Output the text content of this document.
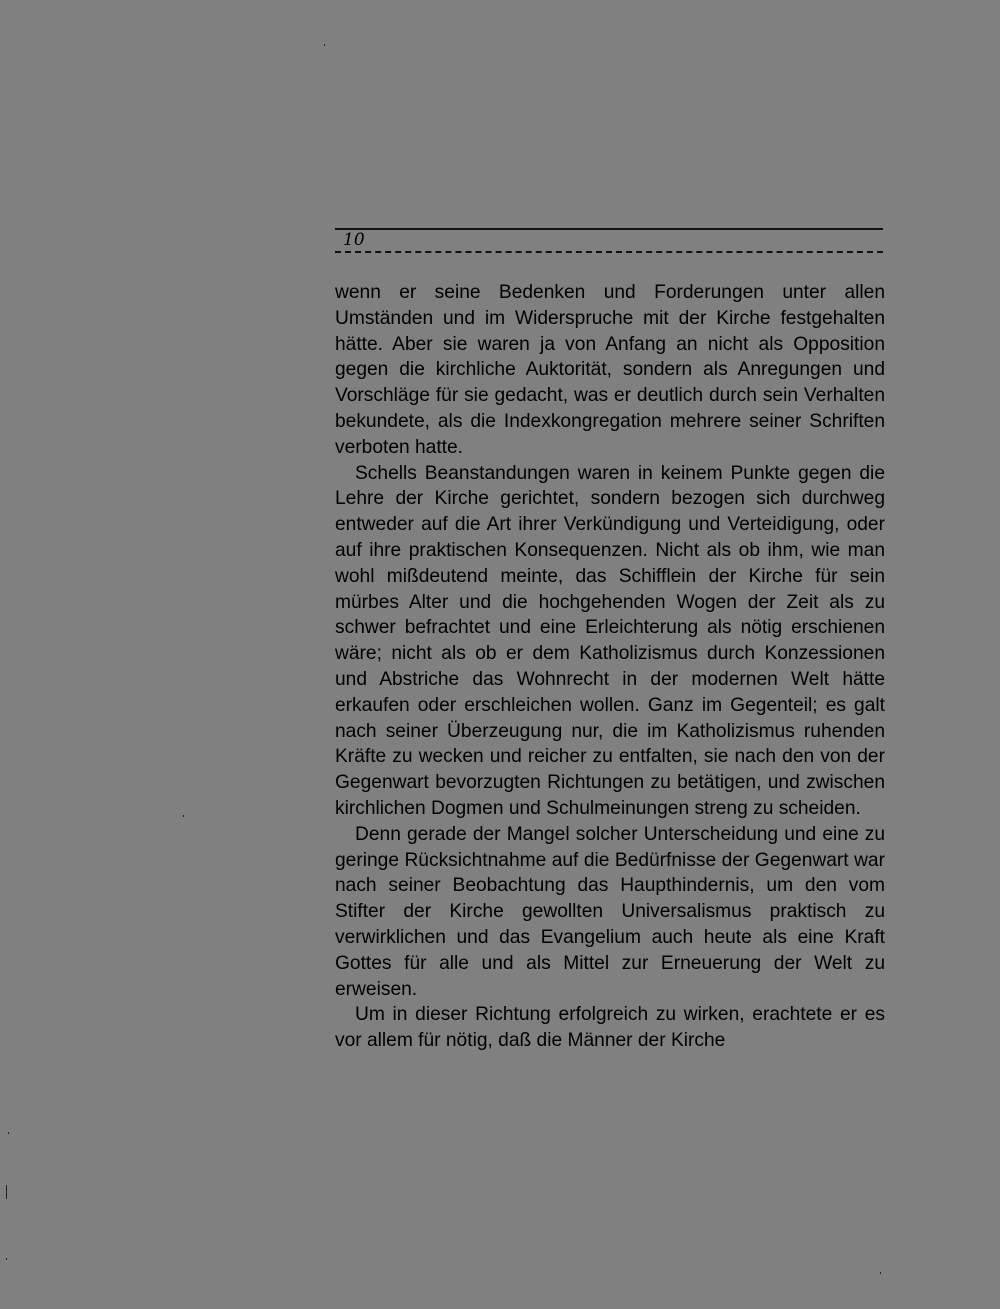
10

wenn er seine Bedenken und Forderungen unter allen Umständen und im Widerspruche mit der Kirche festgehalten hätte. Aber sie waren ja von Anfang an nicht als Opposition gegen die kirchliche Auktorität, sondern als Anregungen und Vorschläge für sie gedacht, was er deutlich durch sein Verhalten bekundete, als die Indexkongregation mehrere seiner Schriften verboten hatte.

Schells Beanstandungen waren in keinem Punkte gegen die Lehre der Kirche gerichtet, sondern bezogen sich durchweg entweder auf die Art ihrer Verkündigung und Verteidigung, oder auf ihre praktischen Konsequenzen. Nicht als ob ihm, wie man wohl mißdeutend meinte, das Schifflein der Kirche für sein mürbes Alter und die hochgehenden Wogen der Zeit als zu schwer befrachtet und eine Erleichterung als nötig erschienen wäre; nicht als ob er dem Katholizismus durch Konzessionen und Abstriche das Wohnrecht in der modernen Welt hätte erkaufen oder erschleichen wollen. Ganz im Gegenteil; es galt nach seiner Überzeugung nur, die im Katholizismus ruhenden Kräfte zu wecken und reicher zu entfalten, sie nach den von der Gegenwart bevorzugten Richtungen zu betätigen, und zwischen kirchlichen Dogmen und Schulmeinungen streng zu scheiden.

Denn gerade der Mangel solcher Unterscheidung und eine zu geringe Rücksichtnahme auf die Bedürfnisse der Gegenwart war nach seiner Beobachtung das Haupthindernis, um den vom Stifter der Kirche gewollten Universalismus praktisch zu verwirklichen und das Evangelium auch heute als eine Kraft Gottes für alle und als Mittel zur Erneuerung der Welt zu erweisen.

Um in dieser Richtung erfolgreich zu wirken, erachtete er es vor allem für nötig, daß die Männer der Kirche
